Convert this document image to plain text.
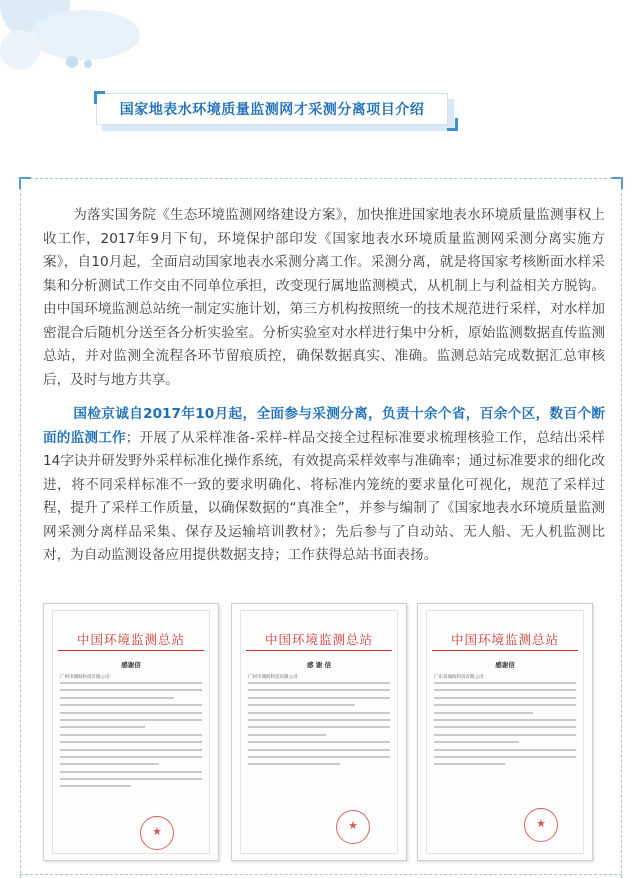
国家地表水环境质量监测网才采测分离项目介绍

为落实国务院《生态环境监测网络建设方案》，加快推进国家地表水环境质量监测事权上收工作，2017年9月下旬，环境保护部印发《国家地表水环境质量监测网采测分离实施方案》，自10月起，全面启动国家地表水采测分离工作。采测分离，就是将国家考核断面水样采集和分析测试工作交由不同单位承担，改变现行属地监测模式，从机制上与利益相关方脱钩。由中国环境监测总站统一制定实施计划，第三方机构按照统一的技术规范进行采样，对水样加密混合后随机分送至各分析实验室。分析实验室对水样进行集中分析，原始监测数据直传监测总站，并对监测全流程各环节留痕质控，确保数据真实、准确。监测总站完成数据汇总审核后，及时与地方共享。

国检京诚自2017年10月起，全面参与采测分离，负责十余个省，百余个区，数百个断面的监测工作；开展了从采样准备-采样-样品交接全过程标准要求梳理核验工作，总结出采样14字诀并研发野外采样标准化操作系统，有效提高采样效率与准确率；通过标准要求的细化改进，将不同采样标准不一致的要求明确化、将标准内笼统的要求量化可视化，规范了采样过程，提升了采样工作质量，以确保数据的“真准全”，并参与编制了《国家地表水环境质量监测网采测分离样品采集、保存及运输培训教材》；先后参与了自动站、无人船、无人机监测比对，为自动监测设备应用提供数据支持；工作获得总站书面表扬。

中国环境监测总站
感谢信
广州市城海科技有限公司：
★
中国环境监测总站
感 谢 信
广州市城海科技有限公司：
★
中国环境监测总站
感谢信
广东省城海科技有限公司：
★
